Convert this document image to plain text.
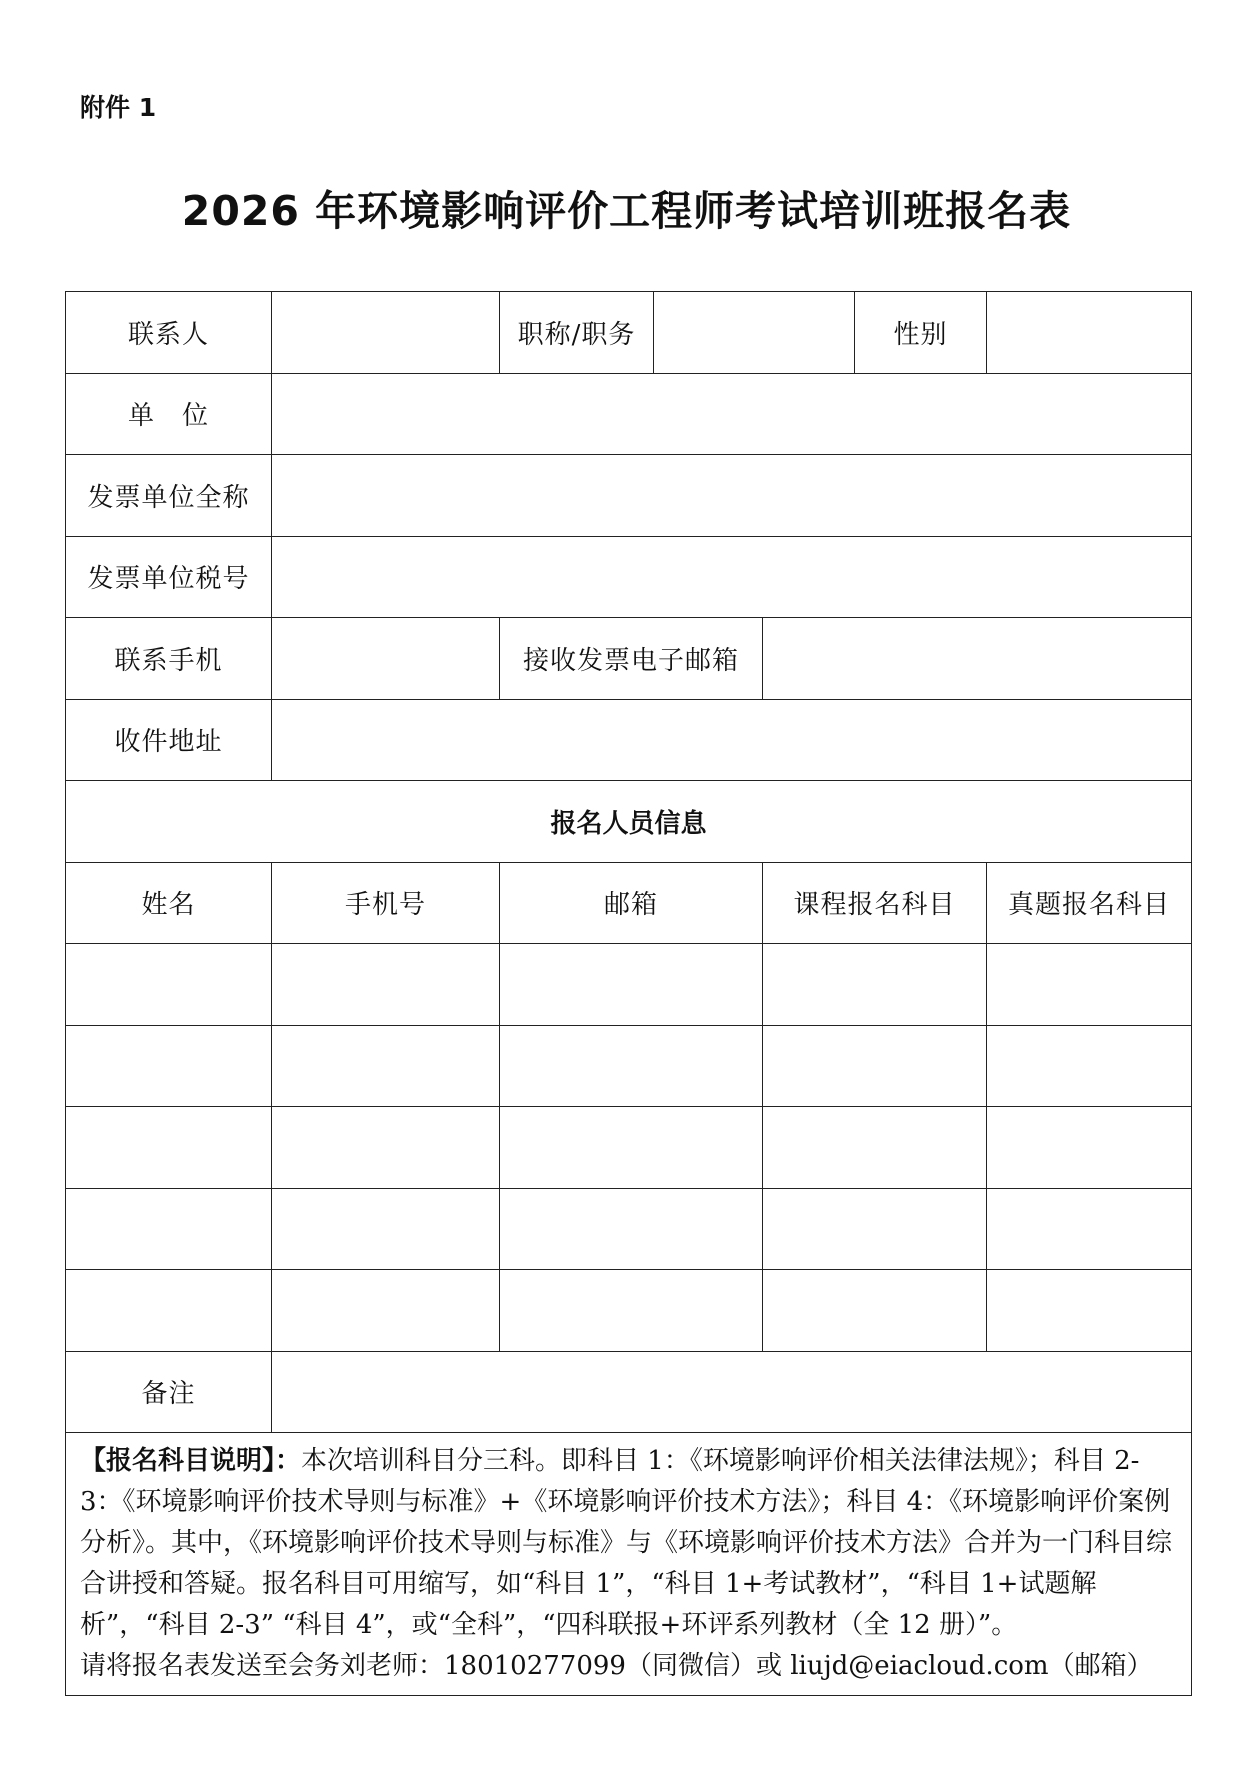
附件 1
2026 年环境影响评价工程师考试培训班报名表
联系人		职称/职务			性别	
单　位						
发票单位全称						
发票单位税号						
联系手机		接收发票电子邮箱				
收件地址						
报名人员信息						
姓名	手机号	邮箱		课程报名科目		真题报名科目

备注						
【报名科目说明】：本次培训科目分三科。即科目 1：《环境影响评价相关法律法规》；科目 2-3：《环境影响评价技术导则与标准》+《环境影响评价技术方法》；科目 4：《环境影响评价案例分析》。其中，《环境影响评价技术导则与标准》与《环境影响评价技术方法》合并为一门科目综合讲授和答疑。报名科目可用缩写，如“科目 1”，“科目 1+考试教材”，“科目 1+试题解析”，“科目 2-3” “科目 4”，或“全科”，“四科联报+环评系列教材（全 12 册）”。
请将报名表发送至会务刘老师：18010277099（同微信）或 liujd@eiacloud.com（邮箱）						
